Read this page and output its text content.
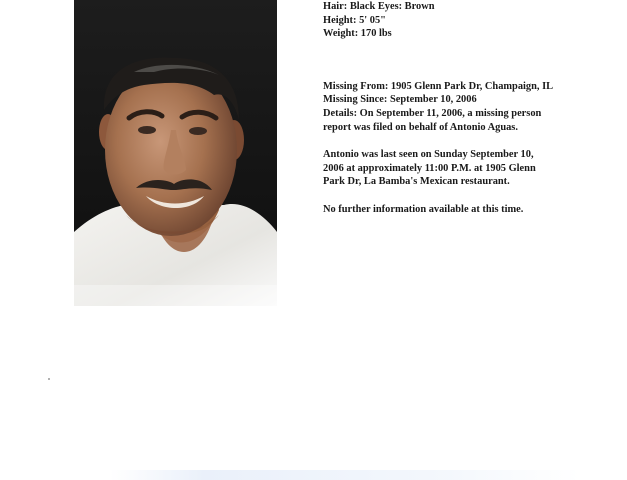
Hair: Black Eyes: Brown
Height: 5' 05"
Weight: 170 lbs
Missing From: 1905 Glenn Park Dr, Champaign, IL
Missing Since: September 10, 2006
Details: On September 11, 2006, a missing person
report was filed on behalf of Antonio Aguas.
Antonio was last seen on Sunday September 10,
2006 at approximately 11:00 P.M. at 1905 Glenn
Park Dr, La Bamba's Mexican restaurant.
No further information available at this time.
